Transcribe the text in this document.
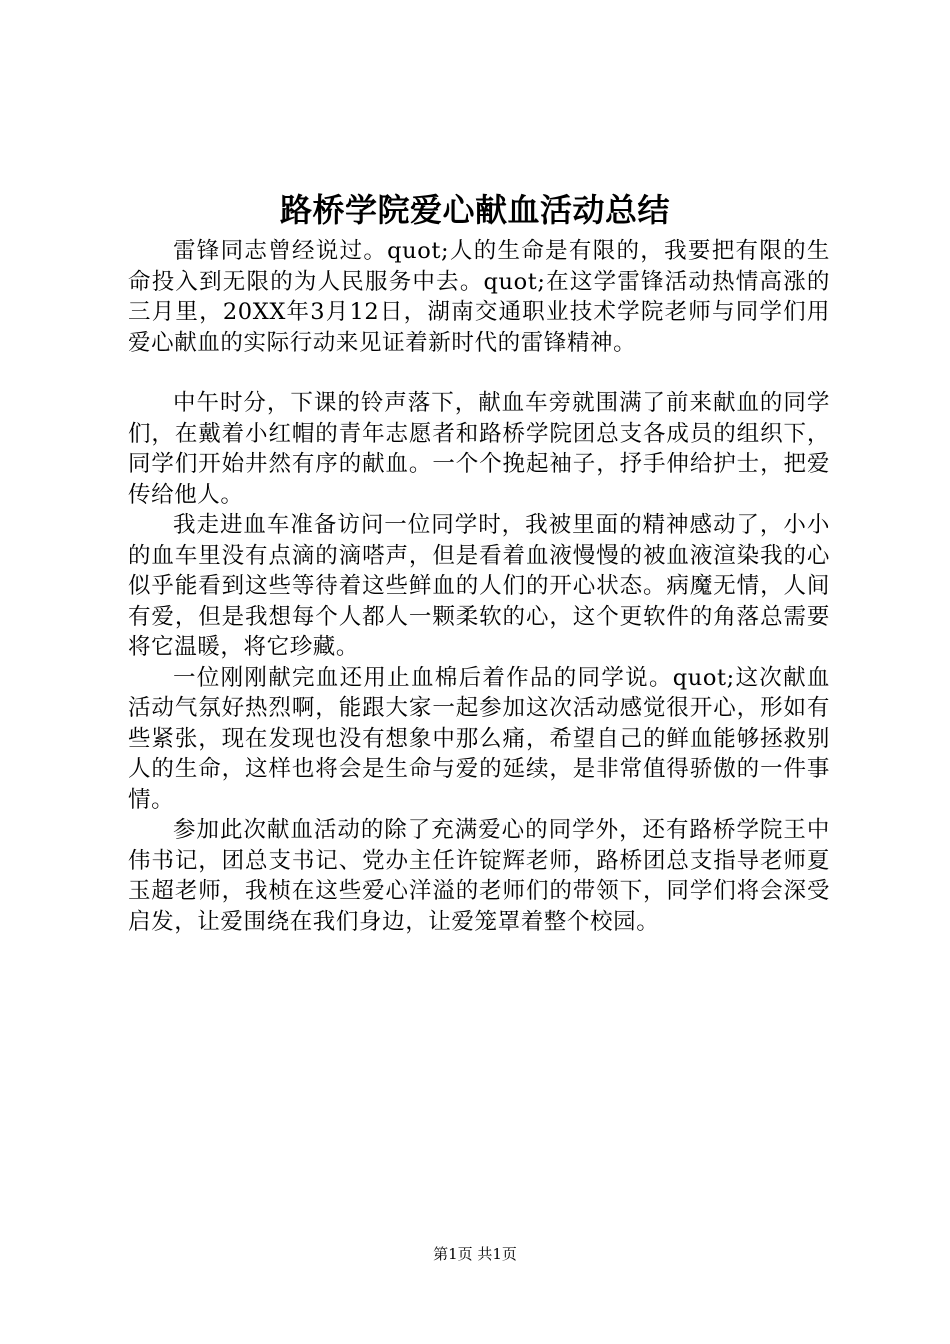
路桥学院爱心献血活动总结

雷锋同志曾经说过。quot;人的生命是有限的，我要把有限的生命投入到无限的为人民服务中去。quot;在这学雷锋活动热情高涨的三月里，20XX年3月12日，湖南交通职业技术学院老师与同学们用爱心献血的实际行动来见证着新时代的雷锋精神。

中午时分，下课的铃声落下，献血车旁就围满了前来献血的同学们，在戴着小红帽的青年志愿者和路桥学院团总支各成员的组织下，同学们开始井然有序的献血。一个个挽起袖子，抒手伸给护士，把爱传给他人。

我走进血车准备访问一位同学时，我被里面的精神感动了，小小的血车里没有点滴的滴嗒声，但是看着血液慢慢的被血液渲染我的心似乎能看到这些等待着这些鲜血的人们的开心状态。病魔无情，人间有爱，但是我想每个人都人一颗柔软的心，这个更软件的角落总需要将它温暖，将它珍藏。

一位刚刚献完血还用止血棉后着作品的同学说。quot;这次献血活动气氛好热烈啊，能跟大家一起参加这次活动感觉很开心，形如有些紧张，现在发现也没有想象中那么痛，希望自己的鲜血能够拯救别人的生命，这样也将会是生命与爱的延续，是非常值得骄傲的一件事情。

参加此次献血活动的除了充满爱心的同学外，还有路桥学院王中伟书记，团总支书记、党办主任许锭辉老师，路桥团总支指导老师夏玉超老师，我桢在这些爱心洋溢的老师们的带领下，同学们将会深受启发，让爱围绕在我们身边，让爱笼罩着整个校园。

第1页 共1页
